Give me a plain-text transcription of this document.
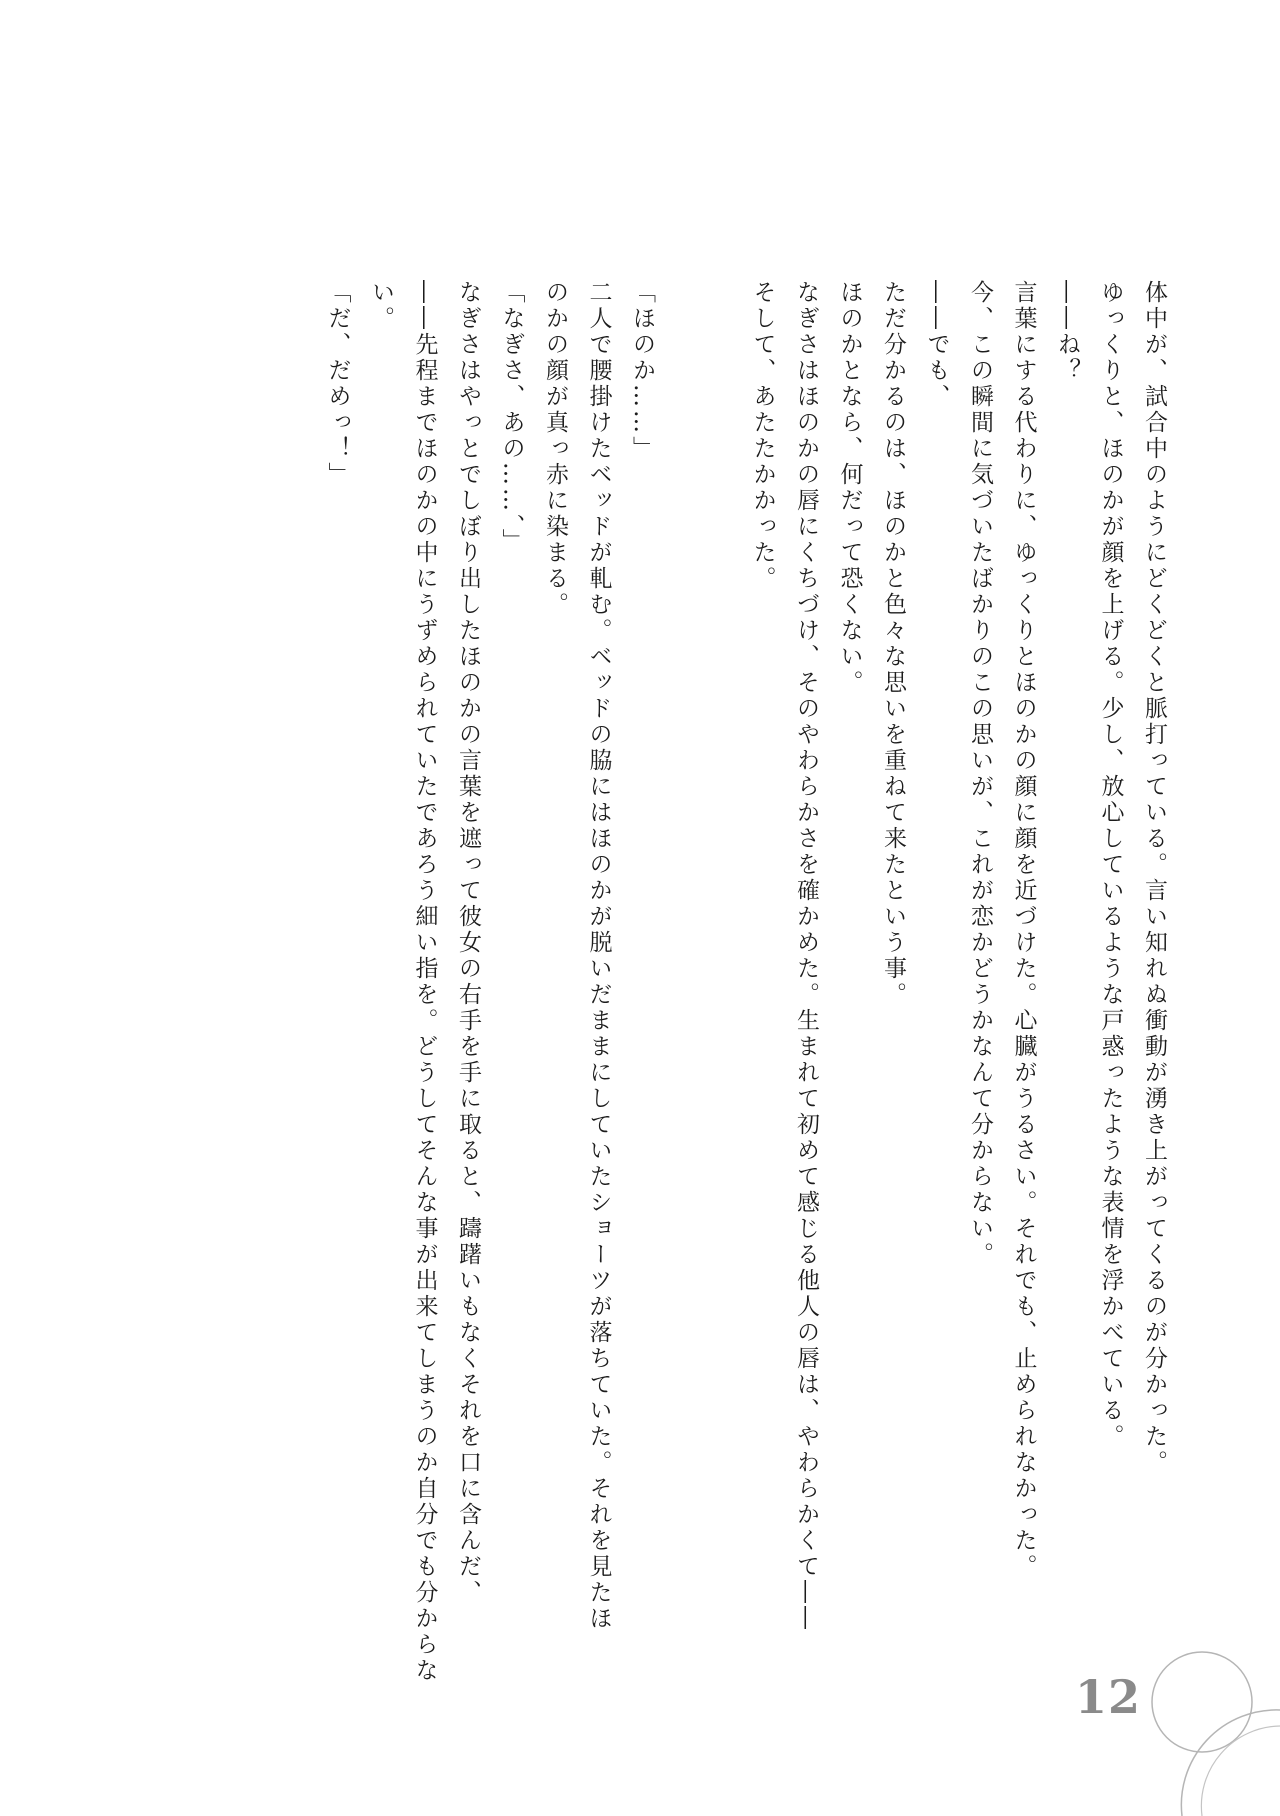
体中が、試合中のようにどくどくと脈打っている。言い知れぬ衝動が湧き上がってくるのが分かった。
ゆっくりと、ほのかが顔を上げる。少し、放心しているような戸惑ったような表情を浮かべている。
――ね？
言葉にする代わりに、ゆっくりとほのかの顔に顔を近づけた。心臓がうるさい。それでも、止められなかった。
今、この瞬間に気づいたばかりのこの思いが、これが恋かどうかなんて分からない。
――でも、
ただ分かるのは、ほのかと色々な思いを重ねて来たという事。
ほのかとなら、何だって恐くない。
なぎさはほのかの唇にくちづけ、そのやわらかさを確かめた。生まれて初めて感じる他人の唇は、やわらかくて――
そして、あたたかかった。
「ほのか……」
二人で腰掛けたベッドが軋む。ベッドの脇にはほのかが脱いだままにしていたショーツが落ちていた。それを見たほ
のかの顔が真っ赤に染まる。
「なぎさ、あの……、」
なぎさはやっとでしぼり出したほのかの言葉を遮って彼女の右手を手に取ると、躊躇いもなくそれを口に含んだ、
――先程までほのかの中にうずめられていたであろう細い指を。どうしてそんな事が出来てしまうのか自分でも分からな
い。
「だ、だめっ！」
12
